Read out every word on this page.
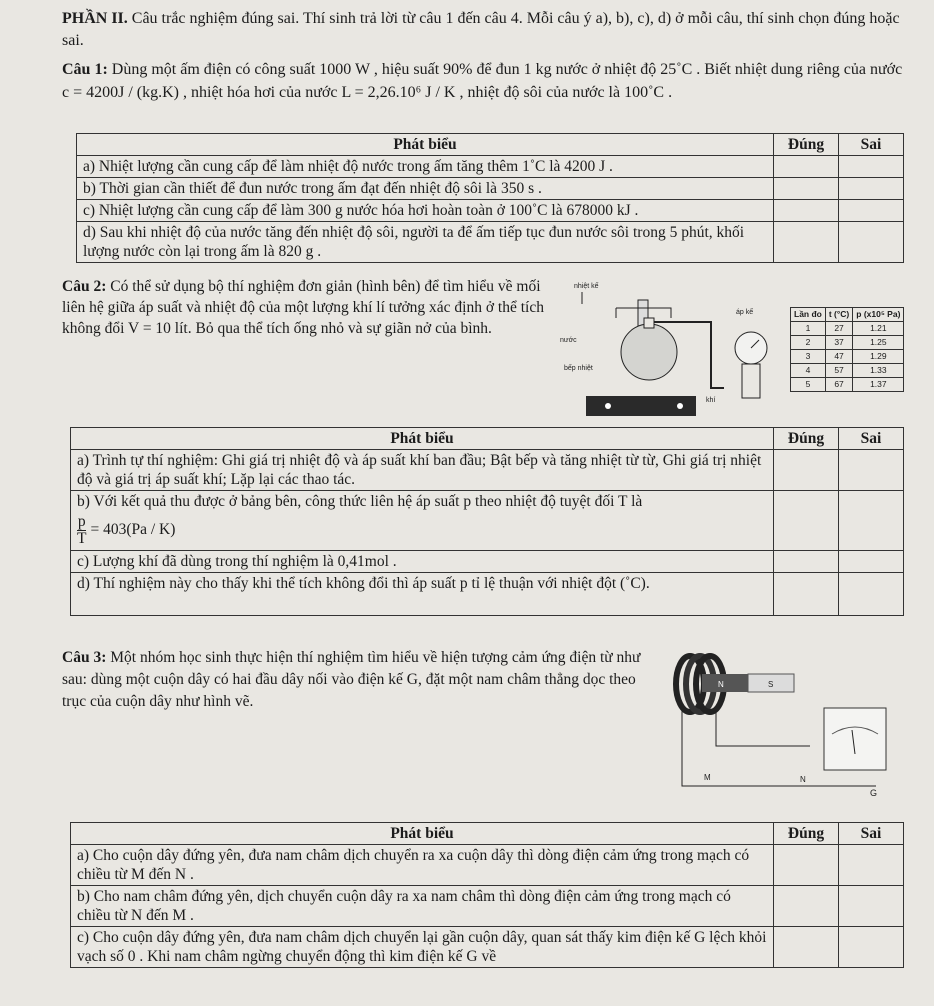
PHẦN II. Câu trắc nghiệm đúng sai. Thí sinh trả lời từ câu 1 đến câu 4. Mỗi câu ý a), b), c), d) ở mỗi câu, thí sinh chọn đúng hoặc sai.
Câu 1: Dùng một ấm điện có công suất 1000 W , hiệu suất 90% để đun 1 kg nước ở nhiệt độ 25˚C . Biết nhiệt dung riêng của nước c = 4200J / (kg.K) , nhiệt hóa hơi của nước L = 2,26.10⁶ J / K , nhiệt độ sôi của nước là 100˚C .
Phát biểu	Đúng	Sai
a) Nhiệt lượng cần cung cấp để làm nhiệt độ nước trong ấm tăng thêm 1˚C là 4200 J .		
b) Thời gian cần thiết để đun nước trong ấm đạt đến nhiệt độ sôi là 350 s .		
c) Nhiệt lượng cần cung cấp để làm 300 g nước hóa hơi hoàn toàn ở 100˚C là 678000 kJ .		
d) Sau khi nhiệt độ của nước tăng đến nhiệt độ sôi, người ta để ấm tiếp tục đun nước sôi trong 5 phút, khối lượng nước còn lại trong ấm là 820 g .		
Câu 2: Có thể sử dụng bộ thí nghiệm đơn giản (hình bên) để tìm hiểu về mối liên hệ giữa áp suất và nhiệt độ của một lượng khí lí tưởng xác định ở thể tích không đổi V = 10 lít. Bỏ qua thể tích ống nhỏ và sự giãn nở của bình.
nhiệt kế
áp kế
nước
bếp nhiệt
khí
Lần đo	t (°C)	p (x10⁵ Pa)
1	27	1.21
2	37	1.25
3	47	1.29
4	57	1.33
5	67	1.37
Phát biểu	Đúng	Sai
a) Trình tự thí nghiệm: Ghi giá trị nhiệt độ và áp suất khí ban đầu; Bật bếp và tăng nhiệt từ từ, Ghi giá trị nhiệt độ và giá trị áp suất khí; Lặp lại các thao tác.		

b) Với kết quả thu được ở bảng bên, công thức liên hệ áp suất p theo nhiệt độ tuyệt đối T là
$\frac{p}{T} = 403(Pa / K)$		

c) Lượng khí đã dùng trong thí nghiệm là 0,41mol .		
d) Thí nghiệm này cho thấy khi thể tích không đổi thì áp suất p tỉ lệ thuận với nhiệt đột (˚C).		
Câu 3: Một nhóm học sinh thực hiện thí nghiệm tìm hiểu về hiện tượng cảm ứng điện từ như sau: dùng một cuộn dây có hai đầu dây nối vào điện kế G, đặt một nam châm thẳng dọc theo trục của cuộn dây như hình vẽ.
N	S
M	N
G
Phát biểu	Đúng	Sai
a) Cho cuộn dây đứng yên, đưa nam châm dịch chuyển ra xa cuộn dây thì dòng điện cảm ứng trong mạch có chiều từ M đến N .		
b) Cho nam châm đứng yên, dịch chuyển cuộn dây ra xa nam châm thì dòng điện cảm ứng trong mạch có chiều từ N đến M .		
c) Cho cuộn dây đứng yên, đưa nam châm dịch chuyển lại gần cuộn dây, quan sát thấy kim điện kế G lệch khỏi vạch số 0 . Khi nam châm ngừng chuyển động thì kim điện kế G về		
